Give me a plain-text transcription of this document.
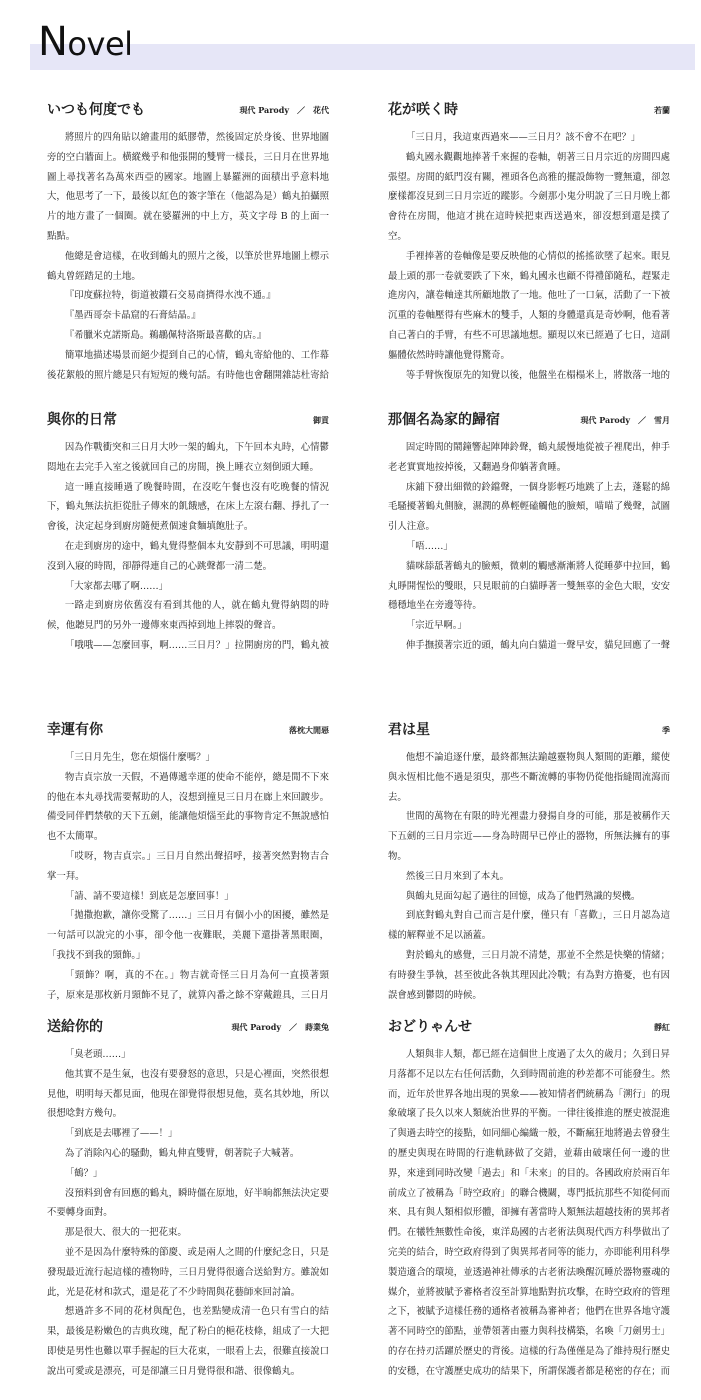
Novel
いつも何度でも	現代 Parody　／　花代

將照片的四角貼以繪畫用的紙膠帶，然後固定於身後、世界地圖旁的空白牆面上。横縱幾乎和他張開的雙臂一樣長，三日月在世界地圖上尋找著名為萬來西亞的國家。地圖上暴羅洲的面積出乎意料地大，他思考了一下，最後以紅色的簽字筆在（他認為是）鶴丸拍攝照片的地方畫了一個圈。就在婆羅洲的中上方，英文字母 B 的上面一點點。

他總是會這樣，在收到鶴丸的照片之後，以筆於世界地圖上標示鶴丸曾經踏足的土地。

『印度蘇拉特，街道被鑽石交易商擠得水洩不通。』

『墨西哥奈卡晶窟的石膏結晶。』

『希臘米克諾斯島。鵜鶘佩特洛斯最喜歡的店。』

簡單地描述場景而絕少提到自己的心情，鶴丸寄給他的、工作幕後花絮般的照片總是只有短短的幾句話。有時他也會翻開雜誌杜寄給

花が咲く時	若蘭

「三日月，我這東西過來——三日月？該不會不在吧？」

鶴丸國永觀觀地捧著千來握的卷軸，朝著三日月宗近的房間四處張望。房間的紙門沒有關，裡頭各色高雅的擺設飾物一覽無遺，卻忽麼樣都沒見到三日月宗近的蹤影。今劍那小鬼分明說了三日月晚上都會待在房間，他這才挑在這時候把東西送過來，卻沒想到還是撲了空。

手裡捧著的卷軸像是要反映他的心情似的搖搖欲墜了起來。眼見最上頭的那一卷就要跌了下來，鶴丸國永也顧不得禮節隨私，趕緊走進房內，讓卷軸達其所顧地散了一地。他吐了一口氣，活動了一下被沉重的卷軸壓得有些麻木的雙手，人類的身體還真是奇妙啊，他看著自己著白的手臂，有些不可思議地想。顯現以來已經過了七日，這副軀體依然時時讓他覺得驚奇。

等手臂恢復原先的知覺以後，他盤坐在榻榻米上，將散落一地的

與你的日常	御貢

因為作戰衝突和三日月大吵一架的鶴丸，下午回本丸時，心情鬱悶地在去完手入室之後就回自己的房間，換上睡衣立刻倒頭大睡。

這一睡直接睡過了晚餐時間，在沒吃午餐也沒有吃晚餐的情況下，鶴丸無法抗拒從肚子傳來的飢餓感，在床上左滾右翻、掙扎了一會後，決定起身到廚房隨便煮個速食麵填飽肚子。

在走到廚房的途中，鶴丸覺得整個本丸安靜到不可思議，明明還沒到入寢的時間，卻靜得連自己的心跳聲都一清二楚。

「大家都去哪了啊……」

一路走到廚房依舊沒有看到其他的人，就在鶴丸覺得納悶的時候，他聽見門的另外一邊傳來東西掉到地上摔裂的聲音。

「哦哦——怎麼回事，啊……三日月？」拉開廚房的門，鶴丸被

那個名為家的歸宿	現代 Parody　／　雪月

固定時間的鬧鐘響起陣陣鈴聲，鶴丸緩慢地從被子裡爬出，伸手老老實實地按掉後，又翻過身仰躺著貪睡。

床鋪下發出細微的鈴鐺聲，一個身影輕巧地跳了上去，蓬鬆的綿毛騷擾著鶴丸側臉，濕潤的鼻輕輕磕觸他的臉頰，喵喵了幾聲，試圖引人注意。

「唔……」

貓咪舔舐著鶴丸的臉頰，微刺的觸感漸漸將人從睡夢中拉回，鶴丸睜開惺忪的雙眼，只見眼前的白貓睜著一雙無辜的金色大眼，安安穩穩地坐在旁邊等待。

「宗近早啊。」

伸手撫摸著宗近的頭，鶴丸向白貓道一聲早安，貓兒回應了一聲

幸運有你	落枕大閒惡

「三日月先生，您在煩惱什麼嗎？」

物吉貞宗放一天假，不過傳遞幸運的使命不能停，總是閒不下來的他在本丸尋找需要幫助的人，沒想到撞見三日月在廊上來回踱步。備受同伴們禁敬的天下五劍，能讓他煩惱至此的事物肯定不無說感怕也不太簡單。

「哎呀，物吉貞宗。」三日月自然出聲招呼，接著突然對物吉合掌一拜。

「請、請不要這樣！到底是怎麼回事！」

「拋撒抱歉，讓你受驚了……」三日月有個小小的困擾，雖然是一句話可以說完的小事，卻令他一夜難眠，美麗下還掛著黑眼圈，「我找不到我的頸飾。」

「頸飾？啊，真的不在。」物吉就奇怪三日月為何一直摸著頸子，原來是那枚新月頸飾不見了，就算內番之餘不穿戴鎧具，三日月

君は星	季

他想不論追逐什麼，最終都無法踰越靈物與人類間的距離，縱使與永恆相比他不過是須臾，那些不斷流轉的事物仍從他指縫間流瀉而去。

世間的萬物在有限的時光裡盡力發揚自身的可能，那是被稱作天下五劍的三日月宗近——身為時間早已停止的器物，所無法擁有的事物。

然後三日月來到了本丸。

與鶴丸見面勾起了過往的回憶，成為了他們熟識的契機。

到底對鶴丸對自己而言是什麼，僅只有「喜歡」，三日月認為這樣的解釋並不足以涵蓋。

對於鶴丸的感覺，三日月說不清楚，那並不全然是快樂的情緒；有時發生爭執，甚至彼此各執其理因此冷戰；有為對方擔憂，也有因誤會感到鬱悶的時候。

送給你的	現代 Parody　／　蒔業兔

「臭老頭……」

他其實不是生氣，也沒有要發怒的意思，只是心裡面，突然很想見他，明明每天都見面，他現在卻覺得很想見他，莫名其妙地，所以很想唸對方幾句。

「到底是去哪裡了——！」

為了消除內心的騷動，鶴丸伸直雙臂，朝著院子大喊著。

「鶴？」

沒預料到會有回應的鶴丸，瞬時僵在原地，好半晌都無法決定要不要轉身面對。

那是很大、很大的一把花束。

並不是因為什麼特殊的節慶、或是兩人之間的什麼紀念日，只是發現最近流行起這樣的禮物時，三日月覺得很適合送給對方。雖說如此，光是花材和款式，還是花了不少時間與花藝師來回討論。

想過許多不同的花材與配色，也差點變成清一色只有雪白的結果，最後是粉嫩色的吉典玫瑰，配了粉白的梔花枝條，組成了一大把即使是男性也難以單手握起的巨大花束，一眼看上去，很難直接說口說出可愛或是漂亮，可是卻讓三日月覺得很和諧、很像鶴丸。

おどりゃんせ	靜紅

人類與非人類，都已經在這個世上度過了太久的歲月；久到日昇月落都不足以左右任何活動，久到時間前進的秒差都不可能發生。然而，近年於世界各地出現的異象——被知情者們統稱為「溯行」的現象破壞了長久以來人類統治世界的平衡。一律往後推進的歷史被混進了與過去時空的接點，如同細心編織一般，不斷瘋狂地將過去曾發生的歷史與現在時間的行進軌跡做了交錯，並藉由破壞任何一邊的世界，來達到同時改變「過去」和「未來」的目的。各國政府於兩百年前成立了被稱為「時空政府」的聯合機關，專門抵抗那些不知從何而來、具有與人類相似形體，卻擁有著當時人類無法超越技術的異邦者們。在犧牲無數性命後，東洋島國的古老術法與現代西方科學做出了完美的結合，時空政府得到了與異邦者同等的能力，亦即能利用科學製造適合的環境，並透過神社傳承的古老術法喚醒沉睡於器物靈魂的媒介，並將被賦予審格者沒至計算地點對抗攻擊，在時空政府的管理之下，被賦予這樣任務的通格者被稱為審神者；他們在世界各地守護著不同時空的節點，並帶領著由靈力與科技構築，名喚「刀劍男士」的存在持刃活躍於歷史的背後。這樣的行為僅僅是為了維持現行歷史的安穩，在守護歷史成功的結果下，所謂保護者都是秘密的存在；而
